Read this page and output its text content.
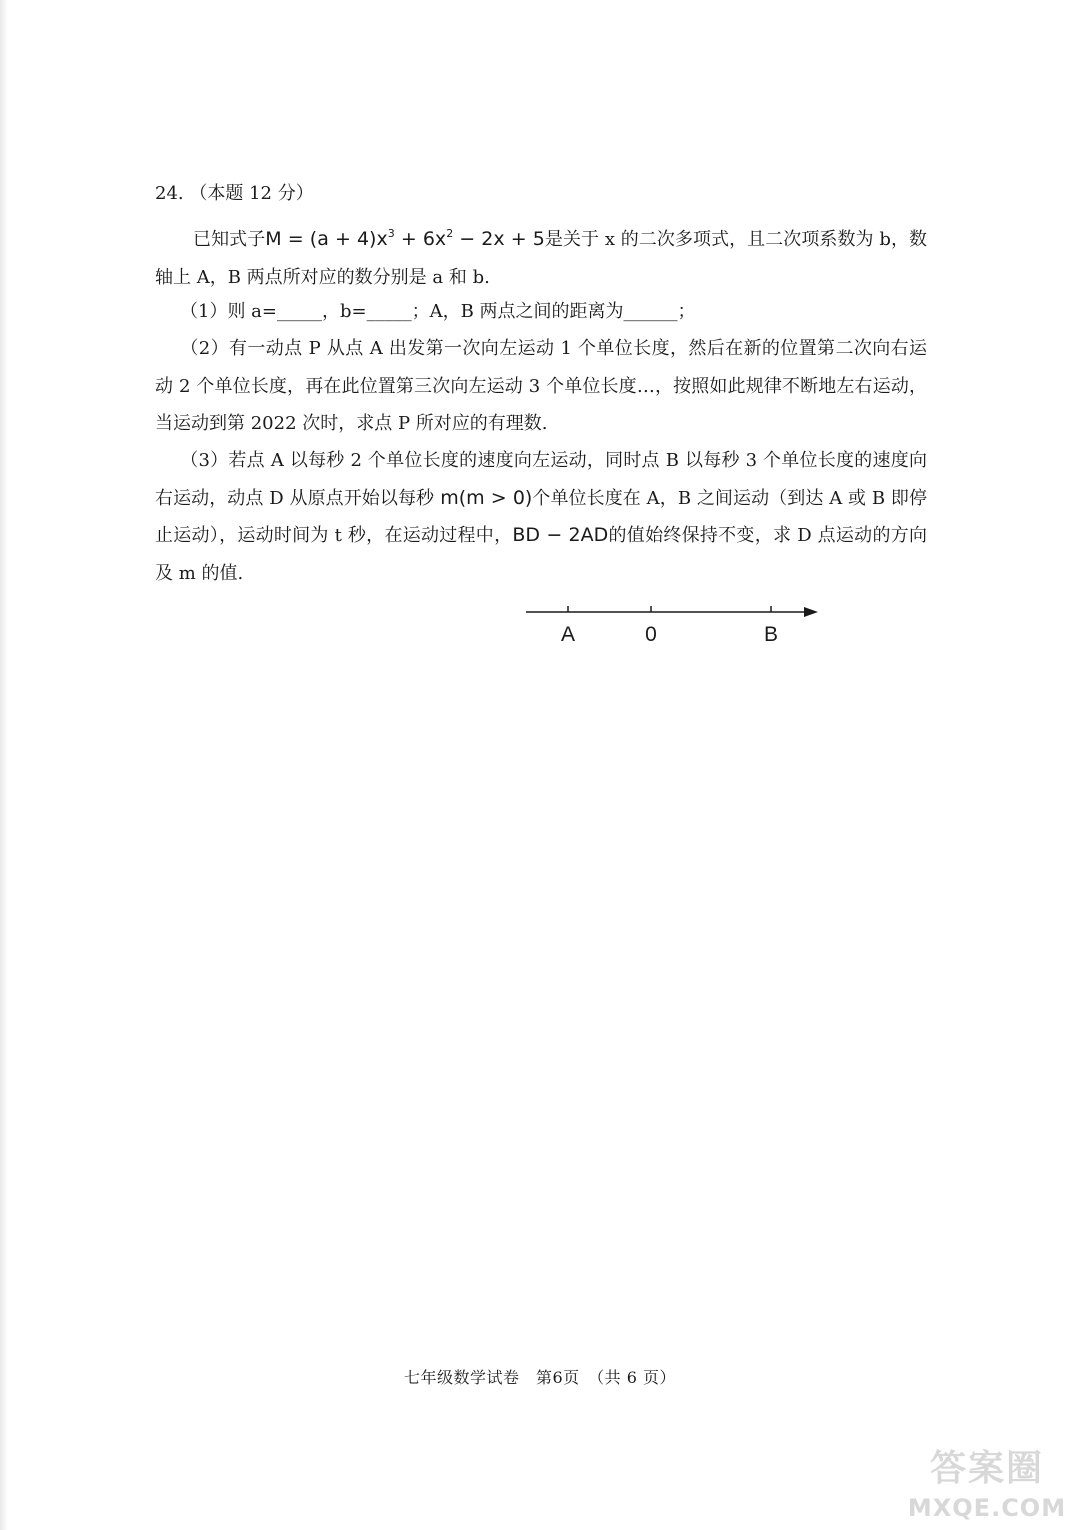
24. （本题 12 分）
已知式子$M = (a + 4)x^3 + 6x^2 - 2x + 5$是关于 x 的二次多项式，且二次项系数为 b，数轴上 A，B 两点所对应的数分别是 a 和 b.
（1）则 a=_____，b=_____；A，B 两点之间的距离为______；
（2）有一动点 P 从点 A 出发第一次向左运动 1 个单位长度，然后在新的位置第二次向右运动 2 个单位长度，再在此位置第三次向左运动 3 个单位长度…，按照如此规律不断地左右运动，当运动到第 2022 次时，求点 P 所对应的有理数.
（3）若点 A 以每秒 2 个单位长度的速度向左运动，同时点 B 以每秒 3 个单位长度的速度向右运动，动点 D 从原点开始以每秒 m(m > 0)个单位长度在 A，B 之间运动（到达 A 或 B 即停止运动），运动时间为 t 秒，在运动过程中，BD − 2AD的值始终保持不变，求 D 点运动的方向及 m 的值.
A	0	B
七年级数学试卷　第6页　（共 6 页）
答案圈
MXQE.COM
